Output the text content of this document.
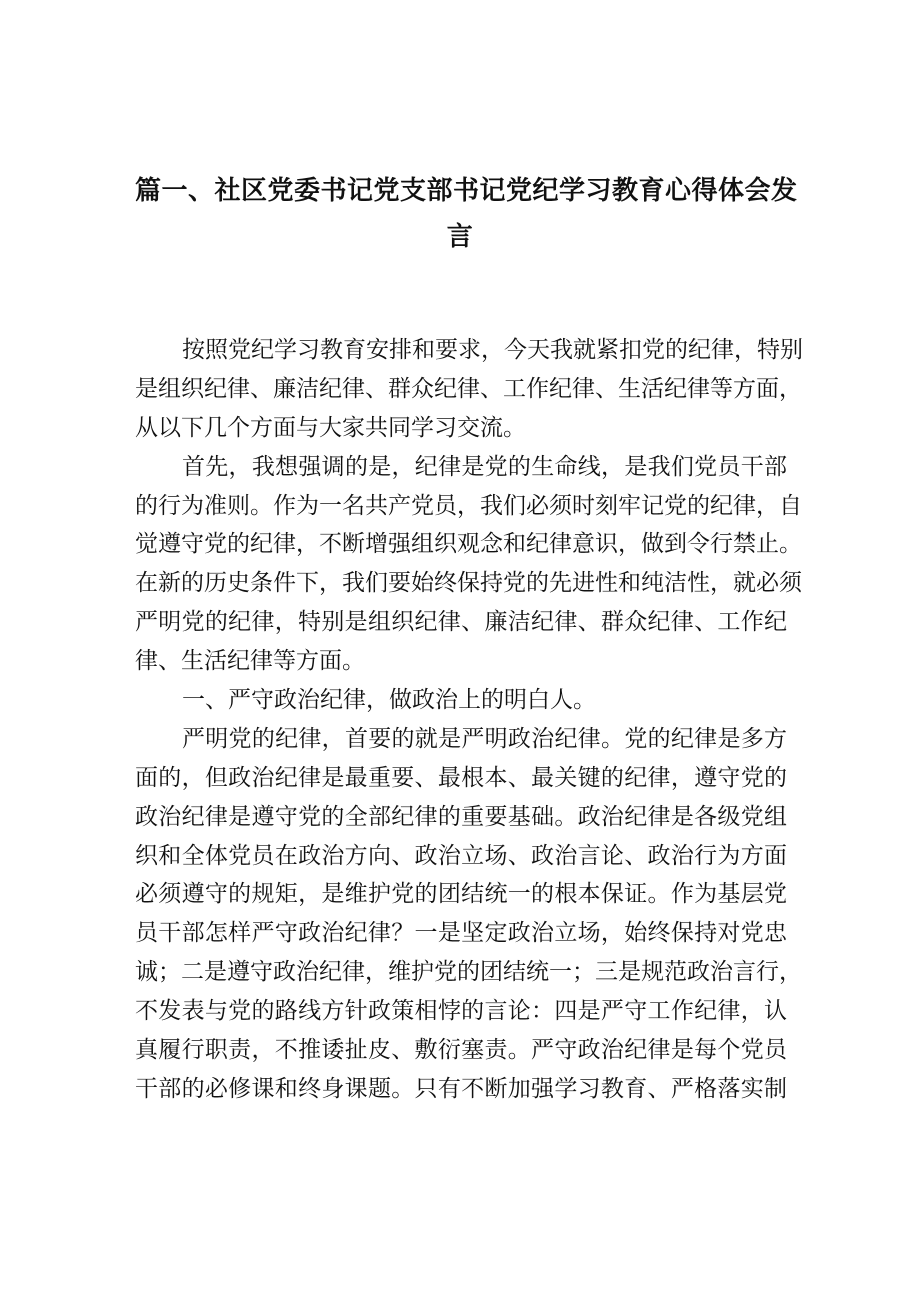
篇一、社区党委书记党支部书记党纪学习教育心得体会发
言
按照党纪学习教育安排和要求，今天我就紧扣党的纪律，特别
是组织纪律、廉洁纪律、群众纪律、工作纪律、生活纪律等方面，
从以下几个方面与大家共同学习交流。
首先，我想强调的是，纪律是党的生命线，是我们党员干部
的行为准则。作为一名共产党员，我们必须时刻牢记党的纪律，自
觉遵守党的纪律，不断增强组织观念和纪律意识，做到令行禁止。
在新的历史条件下，我们要始终保持党的先进性和纯洁性，就必须
严明党的纪律，特别是组织纪律、廉洁纪律、群众纪律、工作纪
律、生活纪律等方面。
一、严守政治纪律，做政治上的明白人。
严明党的纪律，首要的就是严明政治纪律。党的纪律是多方
面的，但政治纪律是最重要、最根本、最关键的纪律，遵守党的
政治纪律是遵守党的全部纪律的重要基础。政治纪律是各级党组
织和全体党员在政治方向、政治立场、政治言论、政治行为方面
必须遵守的规矩，是维护党的团结统一的根本保证。作为基层党
员干部怎样严守政治纪律？一是坚定政治立场，始终保持对党忠
诚；二是遵守政治纪律，维护党的团结统一；三是规范政治言行，
不发表与党的路线方针政策相悖的言论：四是严守工作纪律，认
真履行职责，不推诿扯皮、敷衍塞责。严守政治纪律是每个党员
干部的必修课和终身课题。只有不断加强学习教育、严格落实制
